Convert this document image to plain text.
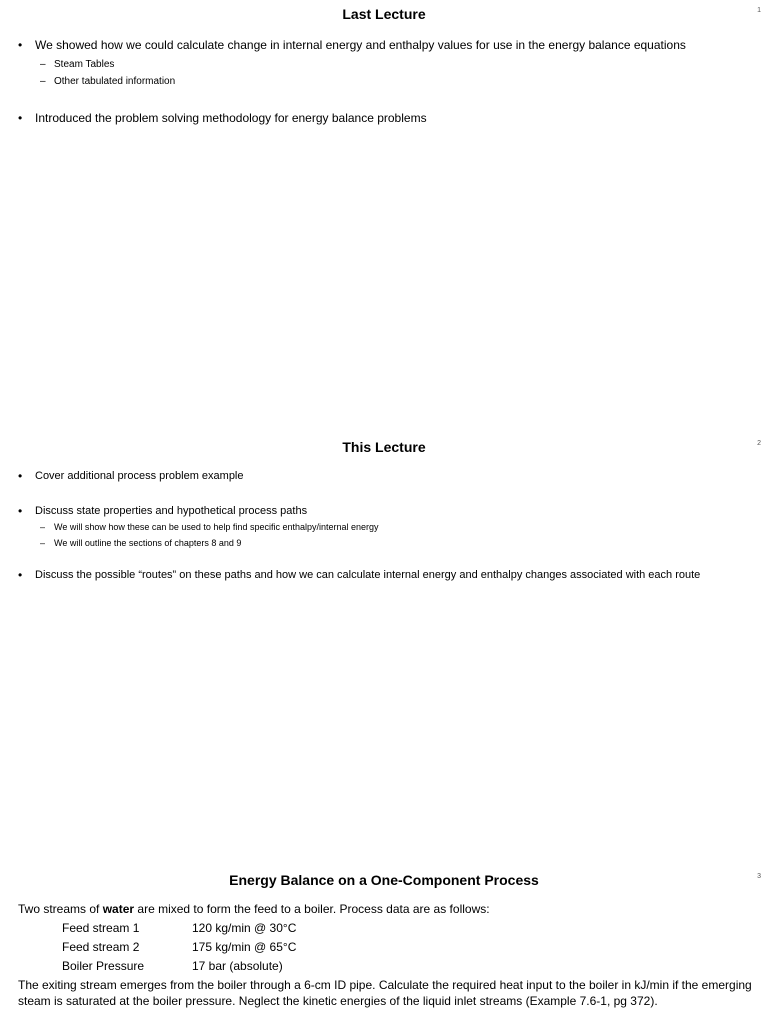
Last Lecture	1
• We showed how we could calculate change in internal energy and enthalpy values for use in the energy balance equations
– Steam Tables
– Other tabulated information
• Introduced the problem solving methodology for energy balance problems
This Lecture	2
• Cover additional process problem example
• Discuss state properties and hypothetical process paths
– We will show how these can be used to help find specific enthalpy/internal energy
– We will outline the sections of chapters 8 and 9
• Discuss the possible “routes” on these paths and how we can calculate internal energy and enthalpy changes associated with each route
Energy Balance on a One-Component Process	3
Two streams of water are mixed to form the feed to a boiler. Process data are as follows:
Feed stream 1	120 kg/min @ 30°C
Feed stream 2	175 kg/min @ 65°C
Boiler Pressure	17 bar (absolute)
The exiting stream emerges from the boiler through a 6-cm ID pipe. Calculate the required heat input to the boiler in kJ/min if the emerging steam is saturated at the boiler pressure. Neglect the kinetic energies of the liquid inlet streams (Example 7.6-1, pg 372).
